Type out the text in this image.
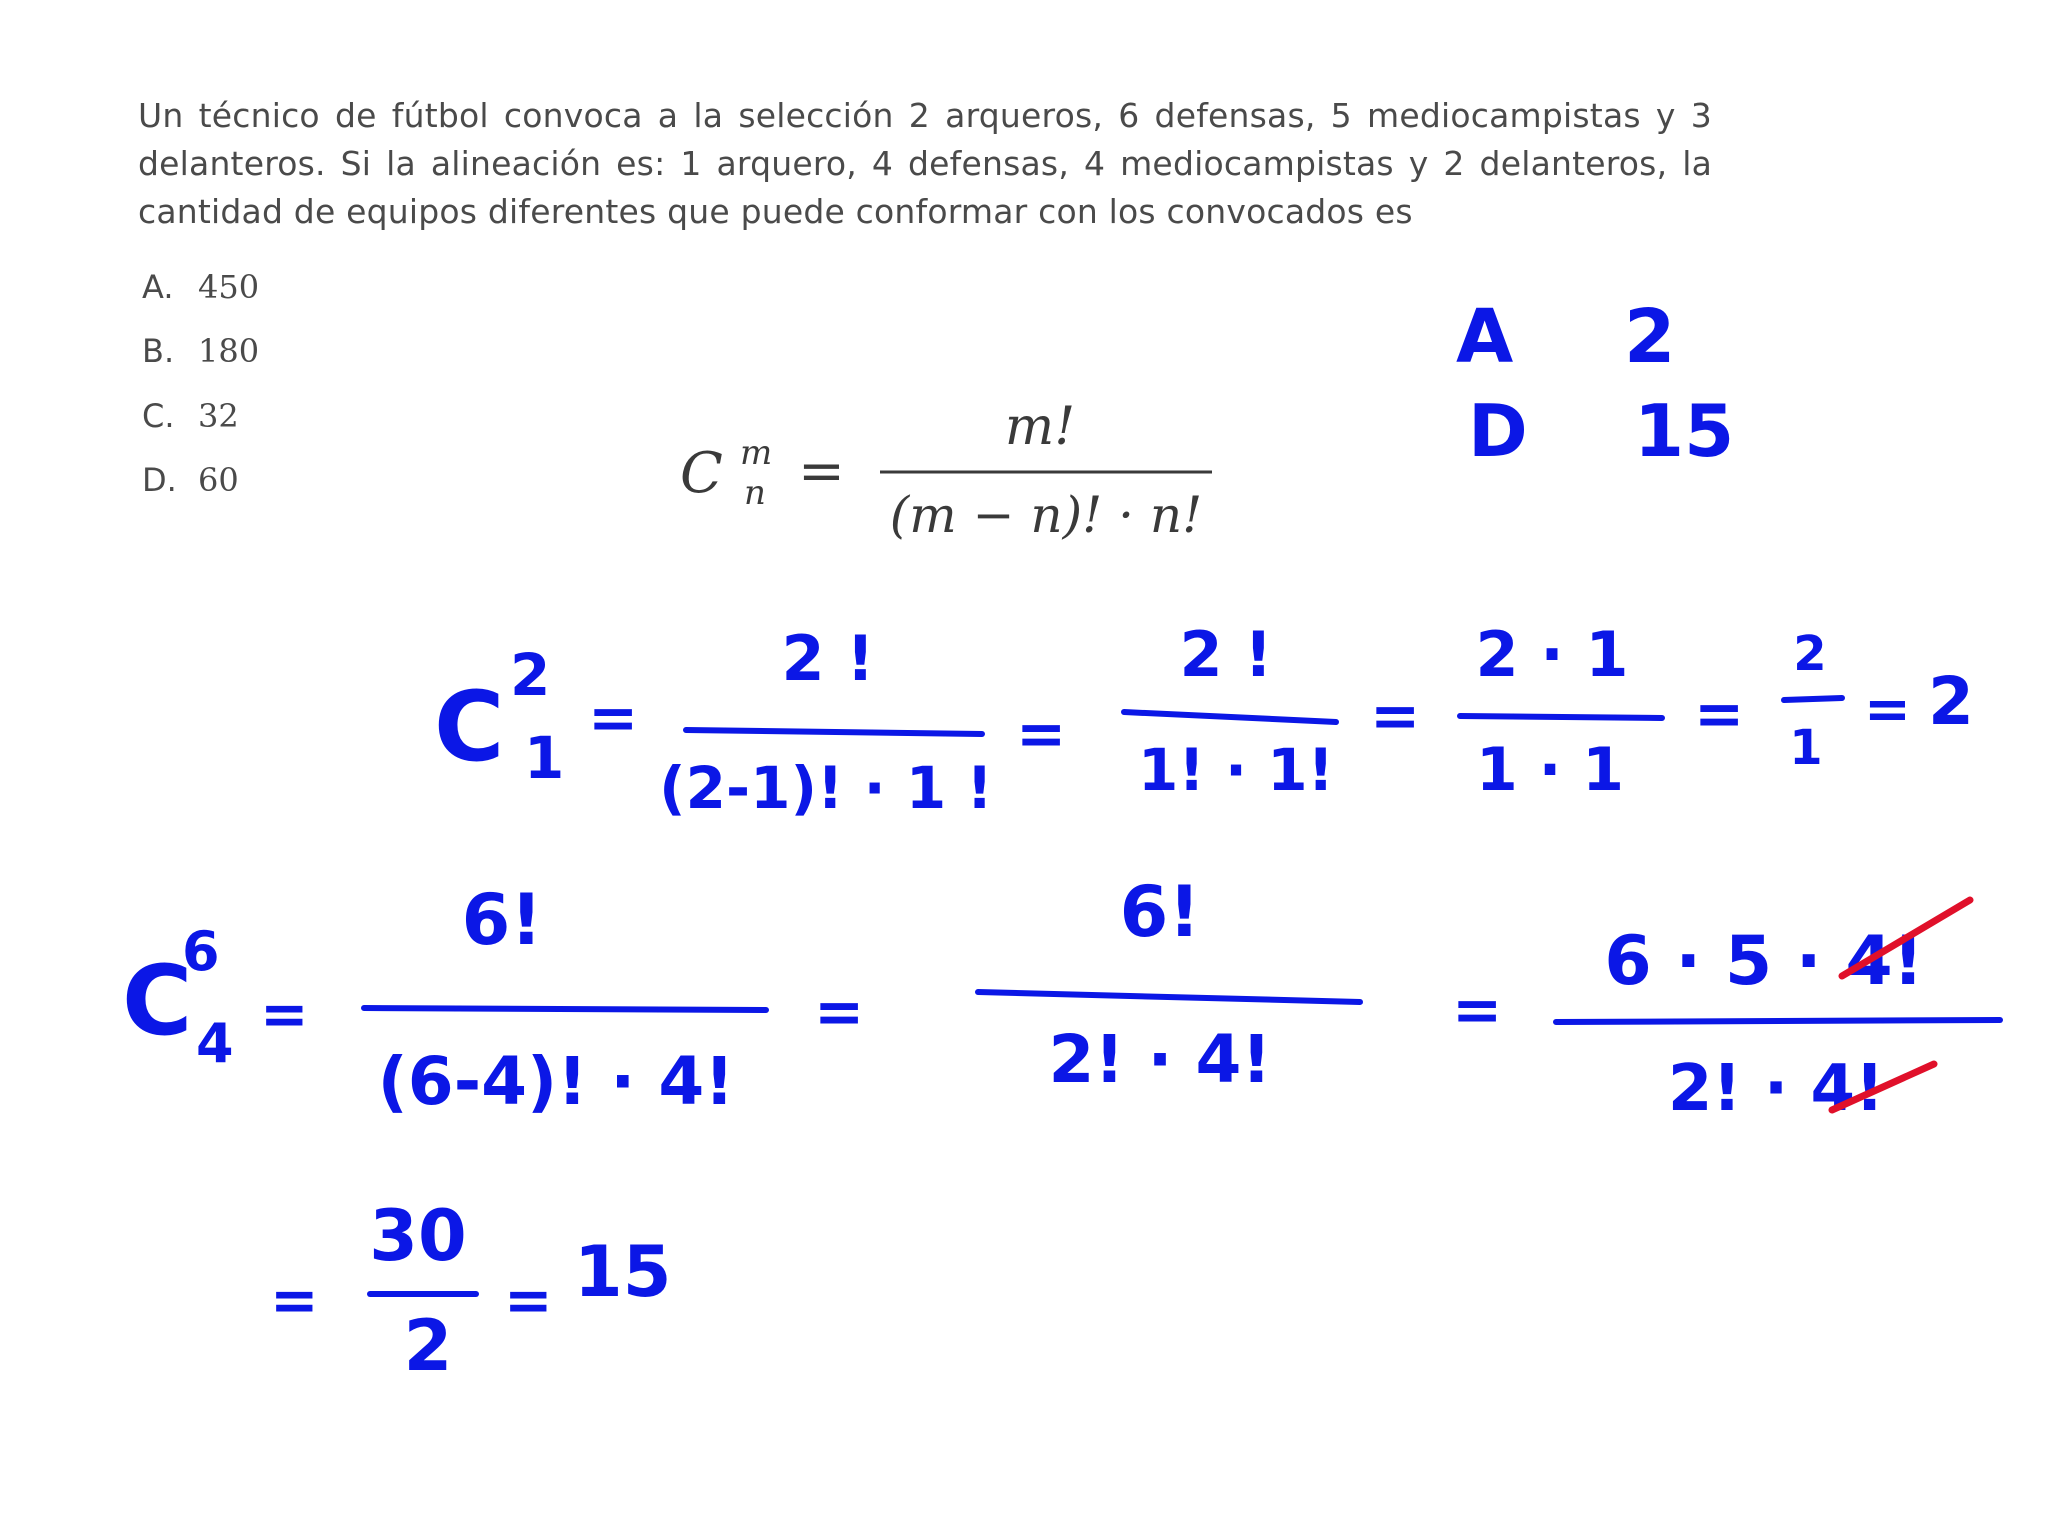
Un técnico de fútbol convoca a la selección 2 arqueros, 6 defensas, 5 mediocampistas y 3
delanteros. Si la alineación es: 1 arquero, 4 defensas, 4 mediocampistas y 2 delanteros, la
cantidad de equipos diferentes que puede conformar con los convocados es
A. 450
B. 180
C. 32
D. 60	C m
n =
m!
(m − n)! · n!
A 2
D 15
C 2
1
=
2 !
(2-1)! · 1 !
=
2 !
1! · 1!
=
2 · 1
1 · 1
=
2
1
= 2
C
6
4 =
6!
(6-4)! · 4!
=
6!
2! · 4!
=
6 · 5 · 4!
2! · 4!
=
30
2
= 15
